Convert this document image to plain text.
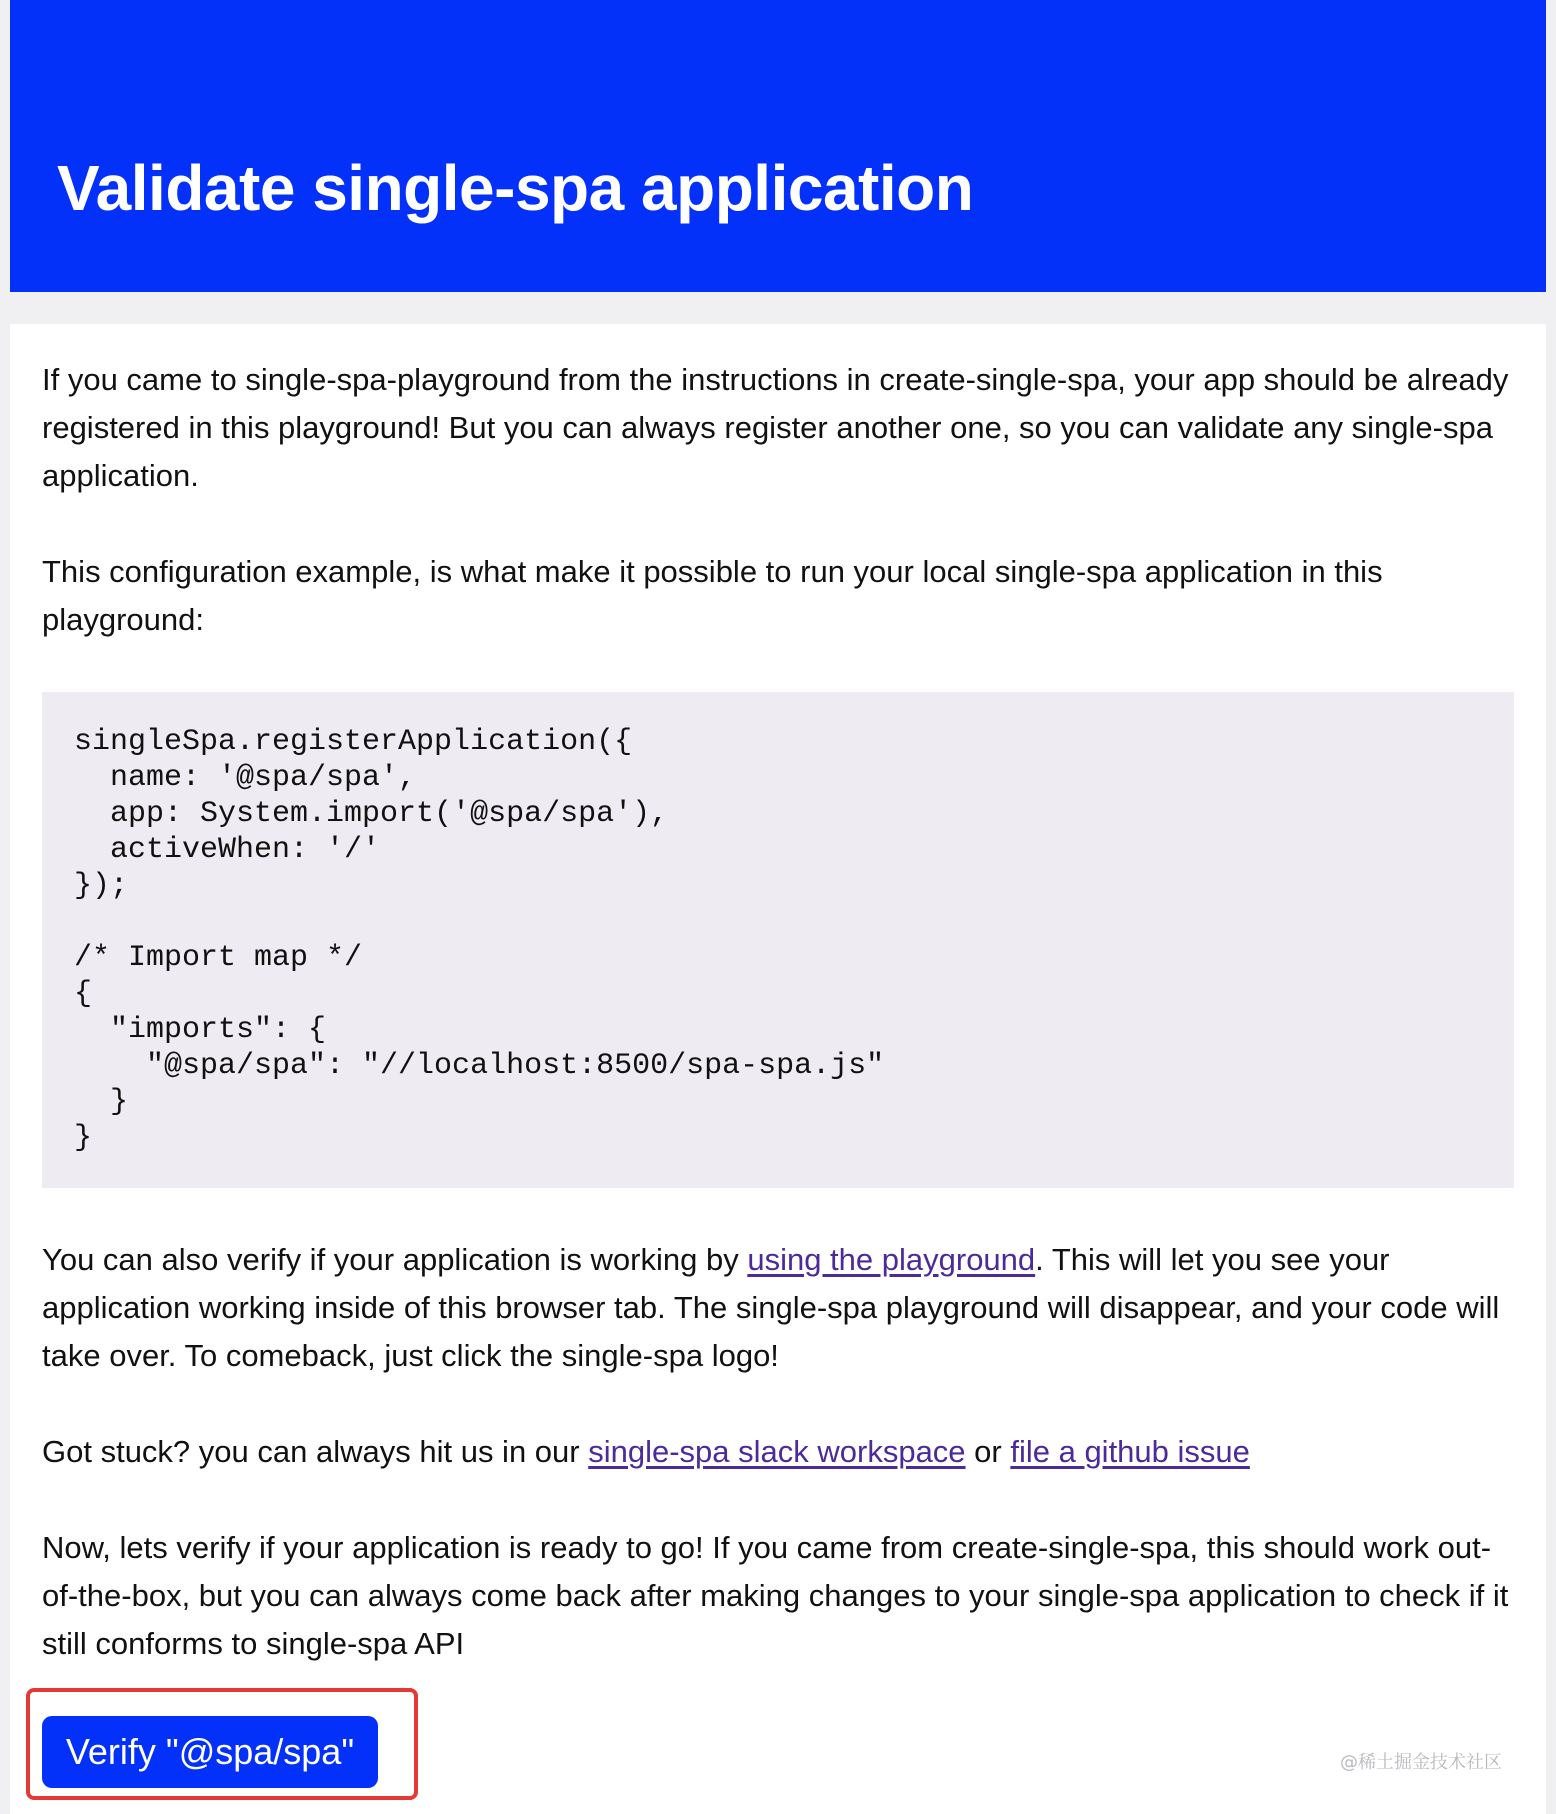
Validate single-spa application

If you came to single-spa-playground from the instructions in create-single-spa, your app should be already registered in this playground! But you can always register another one, so you can validate any single-spa application.

This configuration example, is what make it possible to run your local single-spa application in this playground:

singleSpa.registerApplication({
name: '@spa/spa',
app: System.import('@spa/spa'),
activeWhen: '/'
});

/* Import map */
{
"imports": {
"@spa/spa": "//localhost:8500/spa-spa.js"
}
}

You can also verify if your application is working by using the playground. This will let you see your application working inside of this browser tab. The single-spa playground will disappear, and your code will take over. To comeback, just click the single-spa logo!

Got stuck? you can always hit us in our single-spa slack workspace or file a github issue

Now, lets verify if your application is ready to go! If you came from create-single-spa, this should work out-of-the-box, but you can always come back after making changes to your single-spa application to check if it still conforms to single-spa API

Verify "@spa/spa"	@稀土掘金技术社区
